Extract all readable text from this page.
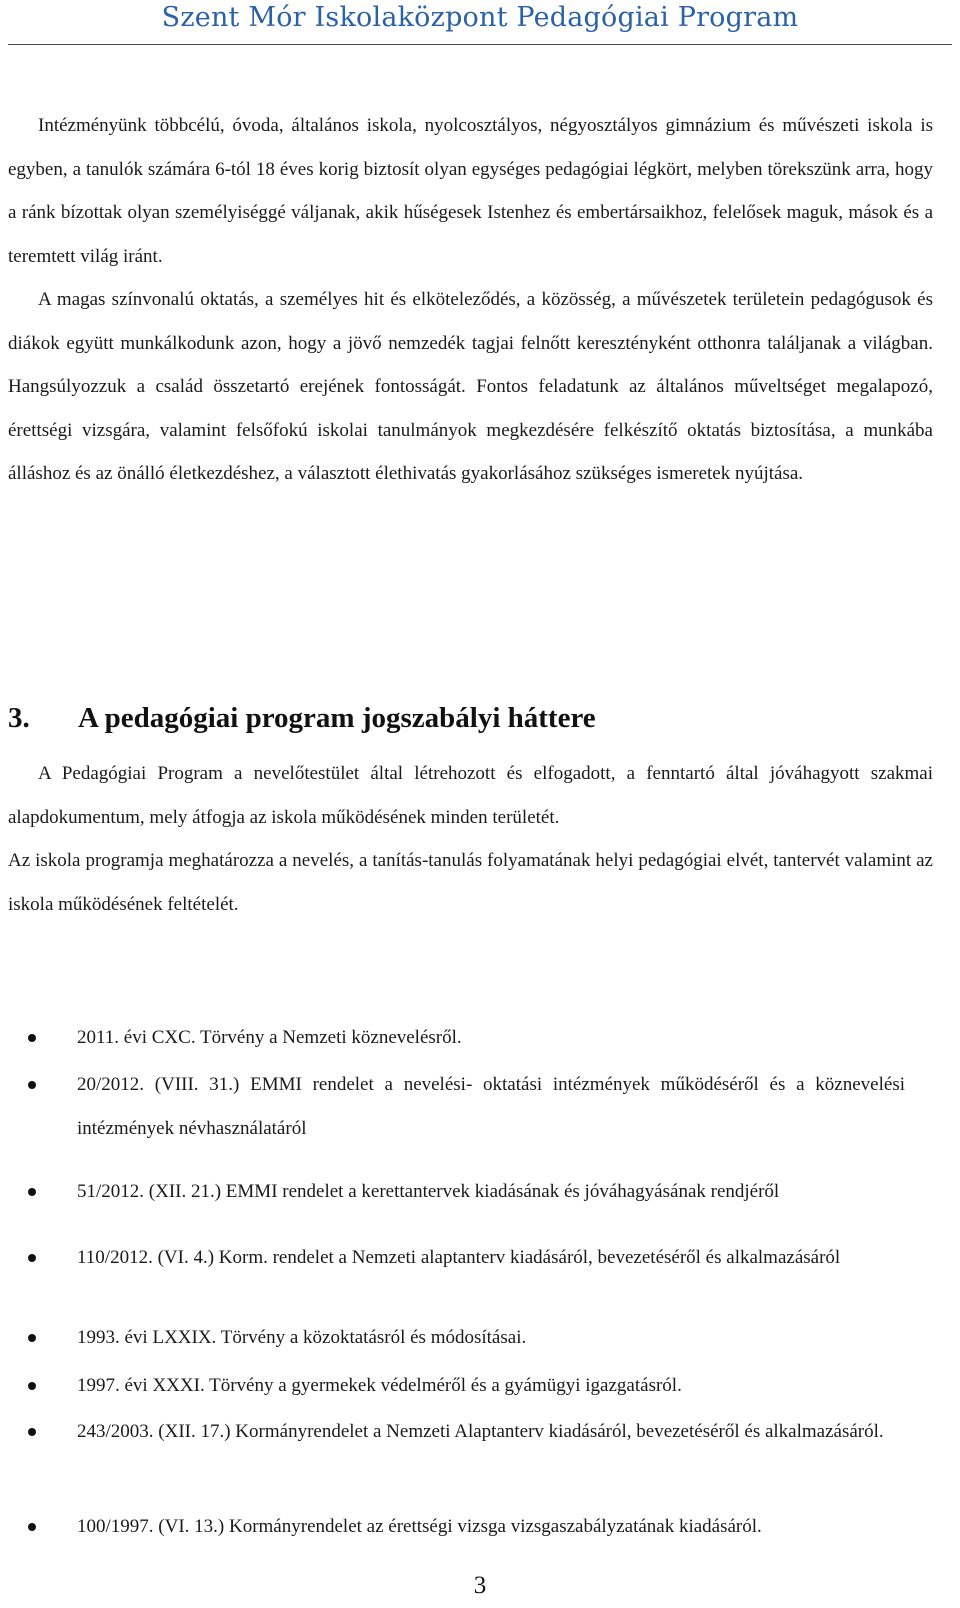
Szent Mór Iskolaközpont Pedagógiai Program
Intézményünk többcélú, óvoda, általános iskola, nyolcosztályos, négyosztályos gimnázium és művészeti iskola is egyben, a tanulók számára 6-tól 18 éves korig biztosít olyan egységes pedagógiai légkört, melyben törekszünk arra, hogy a ránk bízottak olyan személyiséggé váljanak, akik hűségesek Istenhez és embertársaikhoz, felelősek maguk, mások és a teremtett világ iránt.
A magas színvonalú oktatás, a személyes hit és elköteleződés, a közösség, a művészetek területein pedagógusok és diákok együtt munkálkodunk azon, hogy a jövő nemzedék tagjai felnőtt keresztényként otthonra találjanak a világban. Hangsúlyozzuk a család összetartó erejének fontosságát. Fontos feladatunk az általános műveltséget megalapozó, érettségi vizsgára, valamint felsőfokú iskolai tanulmányok megkezdésére felkészítő oktatás biztosítása, a munkába álláshoz és az önálló életkezdéshez, a választott élethivatás gyakorlásához szükséges ismeretek nyújtása.
3. A pedagógiai program jogszabályi háttere
A Pedagógiai Program a nevelőtestület által létrehozott és elfogadott, a fenntartó által jóváhagyott szakmai alapdokumentum, mely átfogja az iskola működésének minden területét.
Az iskola programja meghatározza a nevelés, a tanítás-tanulás folyamatának helyi pedagógiai elvét, tantervét valamint az iskola működésének feltételét.
2011. évi CXC. Törvény a Nemzeti köznevelésről.
20/2012. (VIII. 31.) EMMI rendelet a nevelési- oktatási intézmények működéséről és a köznevelési intézmények névhasználatáról
51/2012. (XII. 21.) EMMI rendelet a kerettantervek kiadásának és jóváhagyásának rendjéről
110/2012. (VI. 4.) Korm. rendelet a Nemzeti alaptanterv kiadásáról, bevezetéséről és alkalmazásáról
1993. évi LXXIX. Törvény a közoktatásról és módosításai.
1997. évi XXXI. Törvény a gyermekek védelméről és a gyámügyi igazgatásról.
243/2003. (XII. 17.) Kormányrendelet a Nemzeti Alaptanterv kiadásáról, bevezetéséről és alkalmazásáról.
100/1997. (VI. 13.) Kormányrendelet az érettségi vizsga vizsgaszabályzatának kiadásáról.
3
